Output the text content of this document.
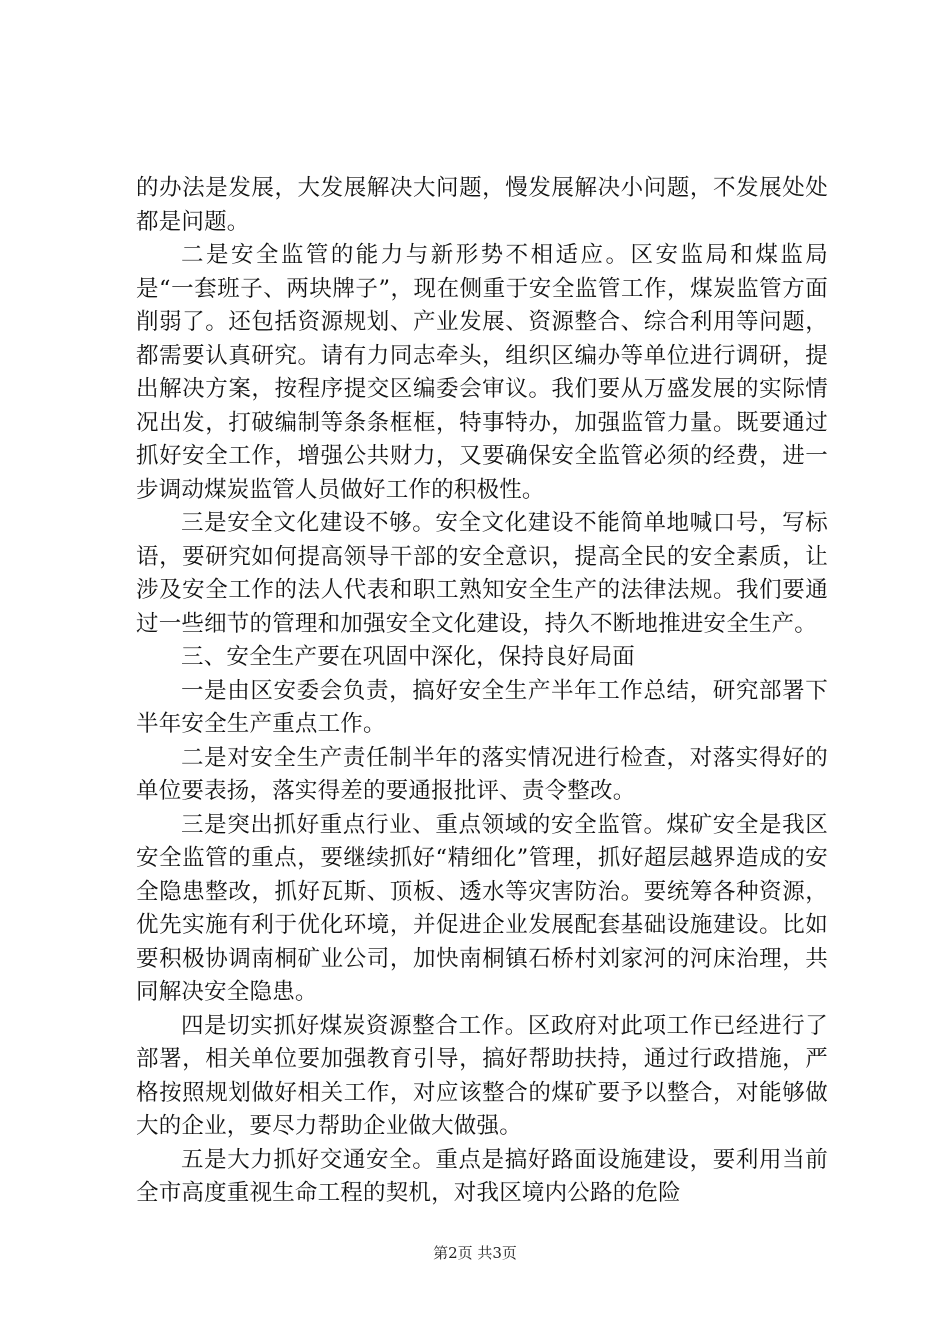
的办法是发展，大发展解决大问题，慢发展解决小问题，不发展处处都是问题。

二是安全监管的能力与新形势不相适应。区安监局和煤监局是“一套班子、两块牌子”，现在侧重于安全监管工作，煤炭监管方面削弱了。还包括资源规划、产业发展、资源整合、综合利用等问题，都需要认真研究。请有力同志牵头，组织区编办等单位进行调研，提出解决方案，按程序提交区编委会审议。我们要从万盛发展的实际情况出发，打破编制等条条框框，特事特办，加强监管力量。既要通过抓好安全工作，增强公共财力，又要确保安全监管必须的经费，进一步调动煤炭监管人员做好工作的积极性。

三是安全文化建设不够。安全文化建设不能简单地喊口号，写标语，要研究如何提高领导干部的安全意识，提高全民的安全素质，让涉及安全工作的法人代表和职工熟知安全生产的法律法规。我们要通过一些细节的管理和加强安全文化建设，持久不断地推进安全生产。

三、安全生产要在巩固中深化，保持良好局面

一是由区安委会负责，搞好安全生产半年工作总结，研究部署下半年安全生产重点工作。

二是对安全生产责任制半年的落实情况进行检查，对落实得好的单位要表扬，落实得差的要通报批评、责令整改。

三是突出抓好重点行业、重点领域的安全监管。煤矿安全是我区安全监管的重点，要继续抓好“精细化”管理，抓好超层越界造成的安全隐患整改，抓好瓦斯、顶板、透水等灾害防治。要统筹各种资源，优先实施有利于优化环境，并促进企业发展配套基础设施建设。比如要积极协调南桐矿业公司，加快南桐镇石桥村刘家河的河床治理，共同解决安全隐患。

四是切实抓好煤炭资源整合工作。区政府对此项工作已经进行了部署，相关单位要加强教育引导，搞好帮助扶持，通过行政措施，严格按照规划做好相关工作，对应该整合的煤矿要予以整合，对能够做大的企业，要尽力帮助企业做大做强。

五是大力抓好交通安全。重点是搞好路面设施建设，要利用当前全市高度重视生命工程的契机，对我区境内公路的危险

第2页 共3页
